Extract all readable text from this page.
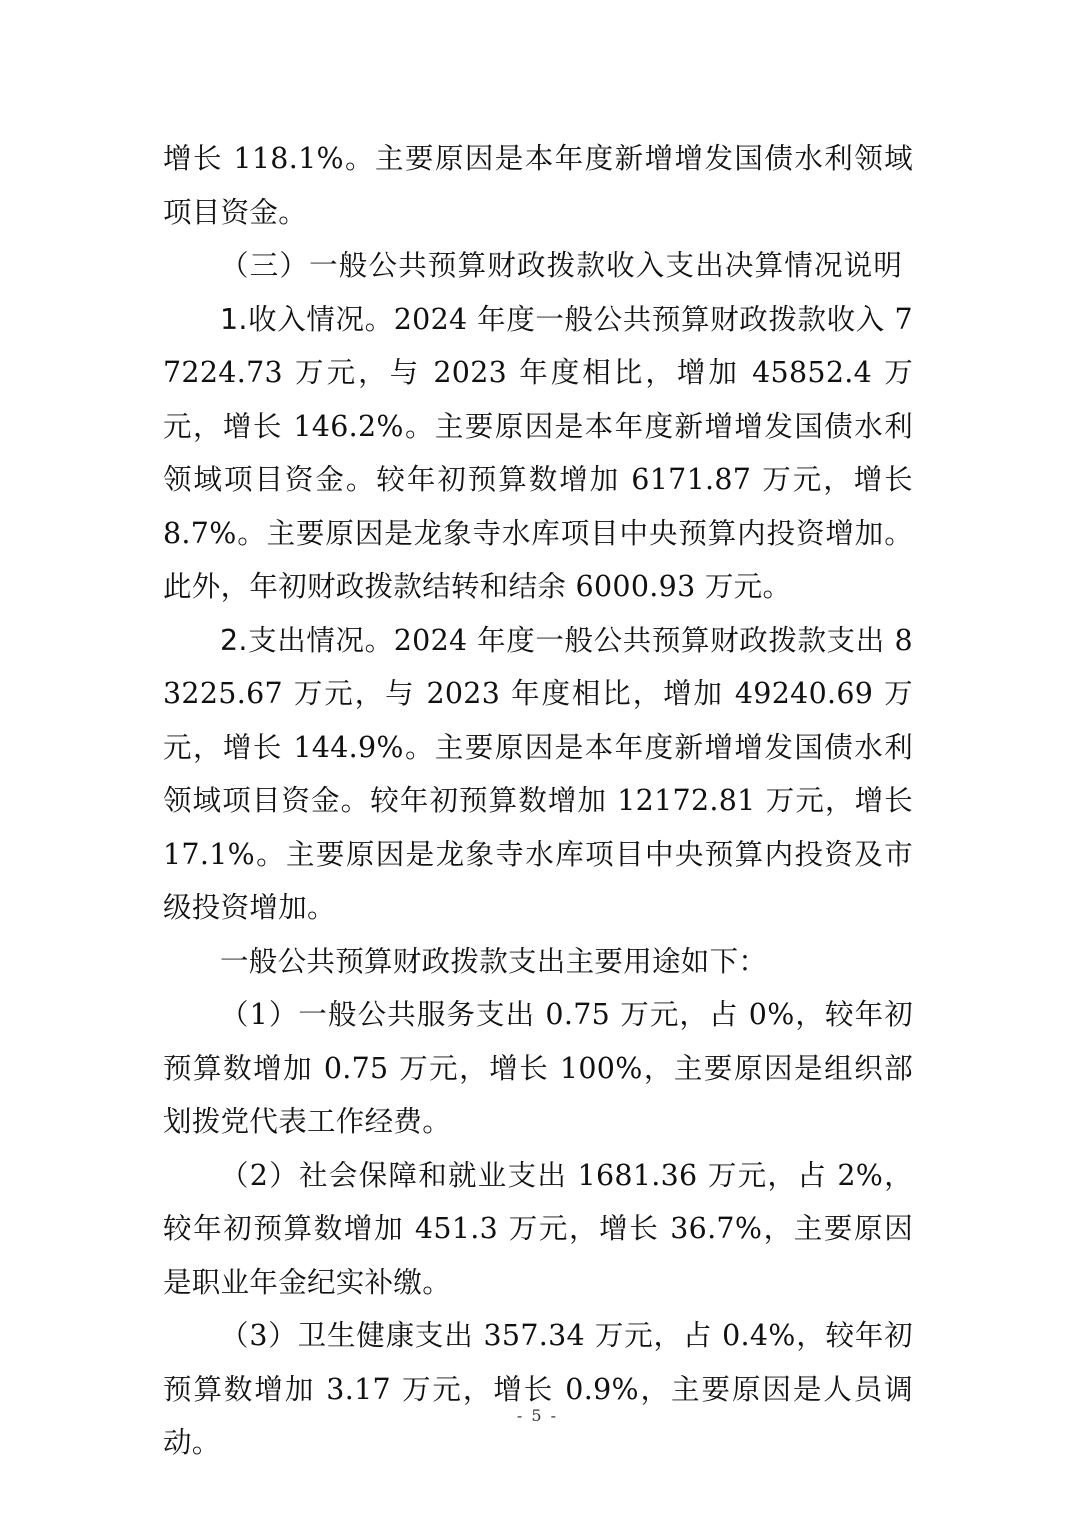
增长 118.1%。主要原因是本年度新增增发国债水利领域项目资金。

（三）一般公共预算财政拨款收入支出决算情况说明

1.收入情况。2024 年度一般公共预算财政拨款收入 77224.73 万元，与 2023 年度相比，增加 45852.4 万元，增长 146.2%。主要原因是本年度新增增发国债水利领域项目资金。较年初预算数增加 6171.87 万元，增长 8.7%。主要原因是龙象寺水库项目中央预算内投资增加。此外，年初财政拨款结转和结余 6000.93 万元。

2.支出情况。2024 年度一般公共预算财政拨款支出 83225.67 万元，与 2023 年度相比，增加 49240.69 万元，增长 144.9%。主要原因是本年度新增增发国债水利领域项目资金。较年初预算数增加 12172.81 万元，增长 17.1%。主要原因是龙象寺水库项目中央预算内投资及市级投资增加。

一般公共预算财政拨款支出主要用途如下：

（1）一般公共服务支出 0.75 万元，占 0%，较年初预算数增加 0.75 万元，增长 100%，主要原因是组织部划拨党代表工作经费。

（2）社会保障和就业支出 1681.36 万元，占 2%，较年初预算数增加 451.3 万元，增长 36.7%，主要原因是职业年金纪实补缴。

（3）卫生健康支出 357.34 万元，占 0.4%，较年初预算数增加 3.17 万元，增长 0.9%，主要原因是人员调动。

- 5 -
